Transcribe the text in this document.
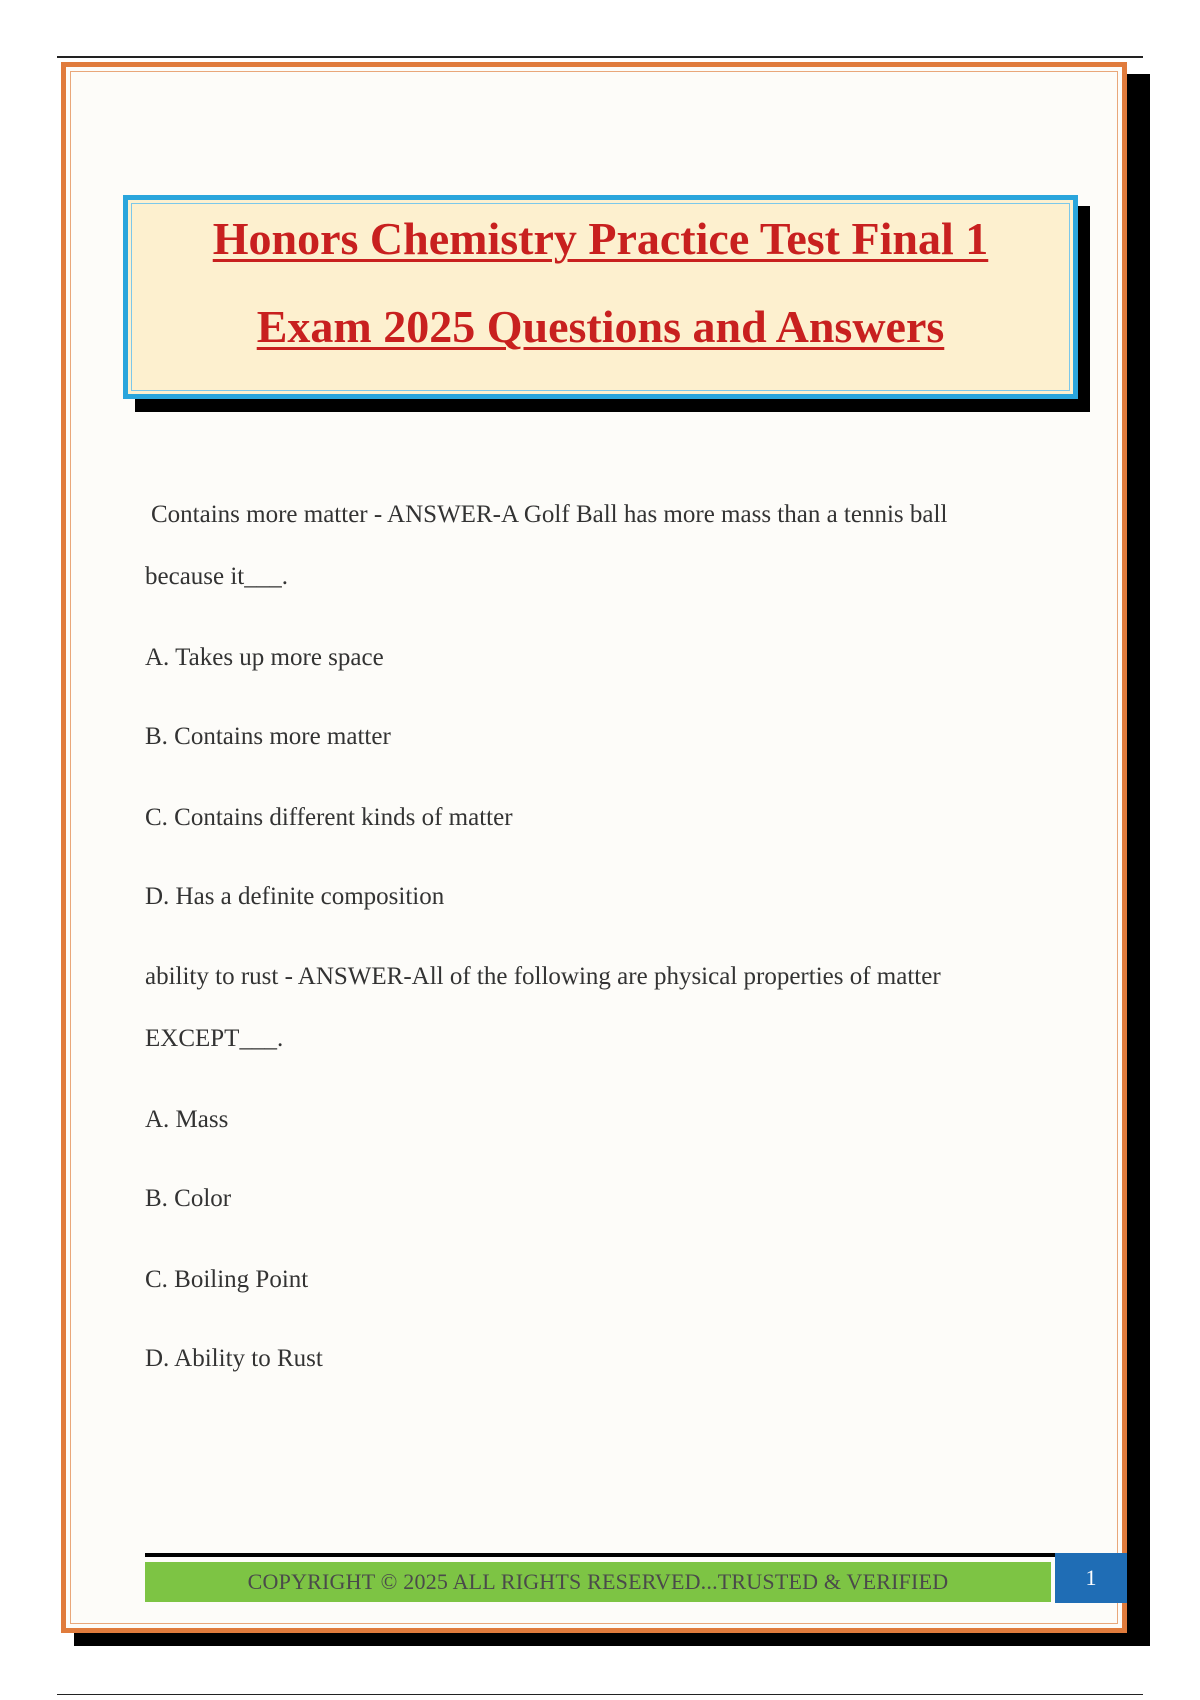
Honors Chemistry Practice Test Final 1
Exam 2025 Questions and Answers
Contains more matter - ANSWER-A Golf Ball has more mass than a tennis ball
because it___.
A. Takes up more space
B. Contains more matter
C. Contains different kinds of matter
D. Has a definite composition
ability to rust - ANSWER-All of the following are physical properties of matter
EXCEPT___.
A. Mass
B. Color
C. Boiling Point
D. Ability to Rust
COPYRIGHT © 2025 ALL RIGHTS RESERVED...TRUSTED & VERIFIED	1
